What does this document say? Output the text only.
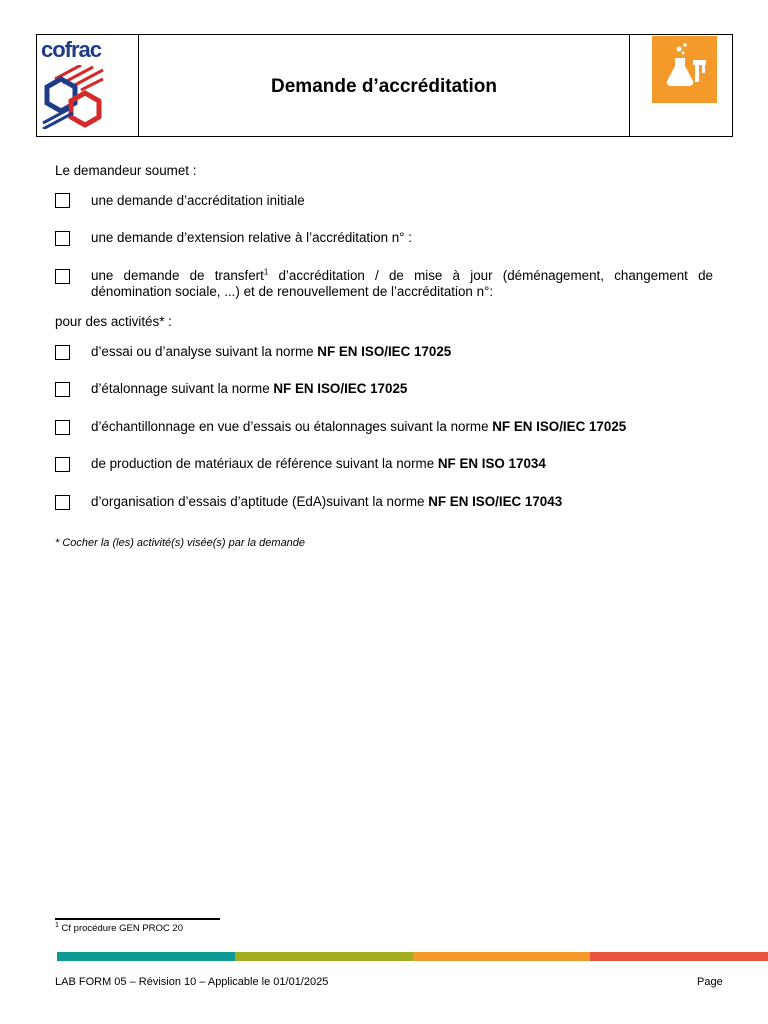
cofrac
Demande d’accréditation
Le demandeur soumet :
une demande d’accréditation initiale
une demande d’extension relative à l’accréditation n° :
une demande de transfert$^1$ d’accréditation / de mise à jour (déménagement, changement de
dénomination sociale, ...) et de renouvellement de l’accréditation n°:
pour des activités* :
d’essai ou d’analyse suivant la norme NF EN ISO/IEC 17025
d’étalonnage suivant la norme NF EN ISO/IEC 17025
d’échantillonnage en vue d’essais ou étalonnages suivant la norme NF EN ISO/IEC 17025
de production de matériaux de référence suivant la norme NF EN ISO 17034
d’organisation d’essais d’aptitude (EdA)suivant la norme NF EN ISO/IEC 17043
* Cocher la (les) activité(s) visée(s) par la demande
$^1$ Cf procédure GEN PROC 20
LAB FORM 05 – Révision 10 – Applicable le 01/01/2025	Page
